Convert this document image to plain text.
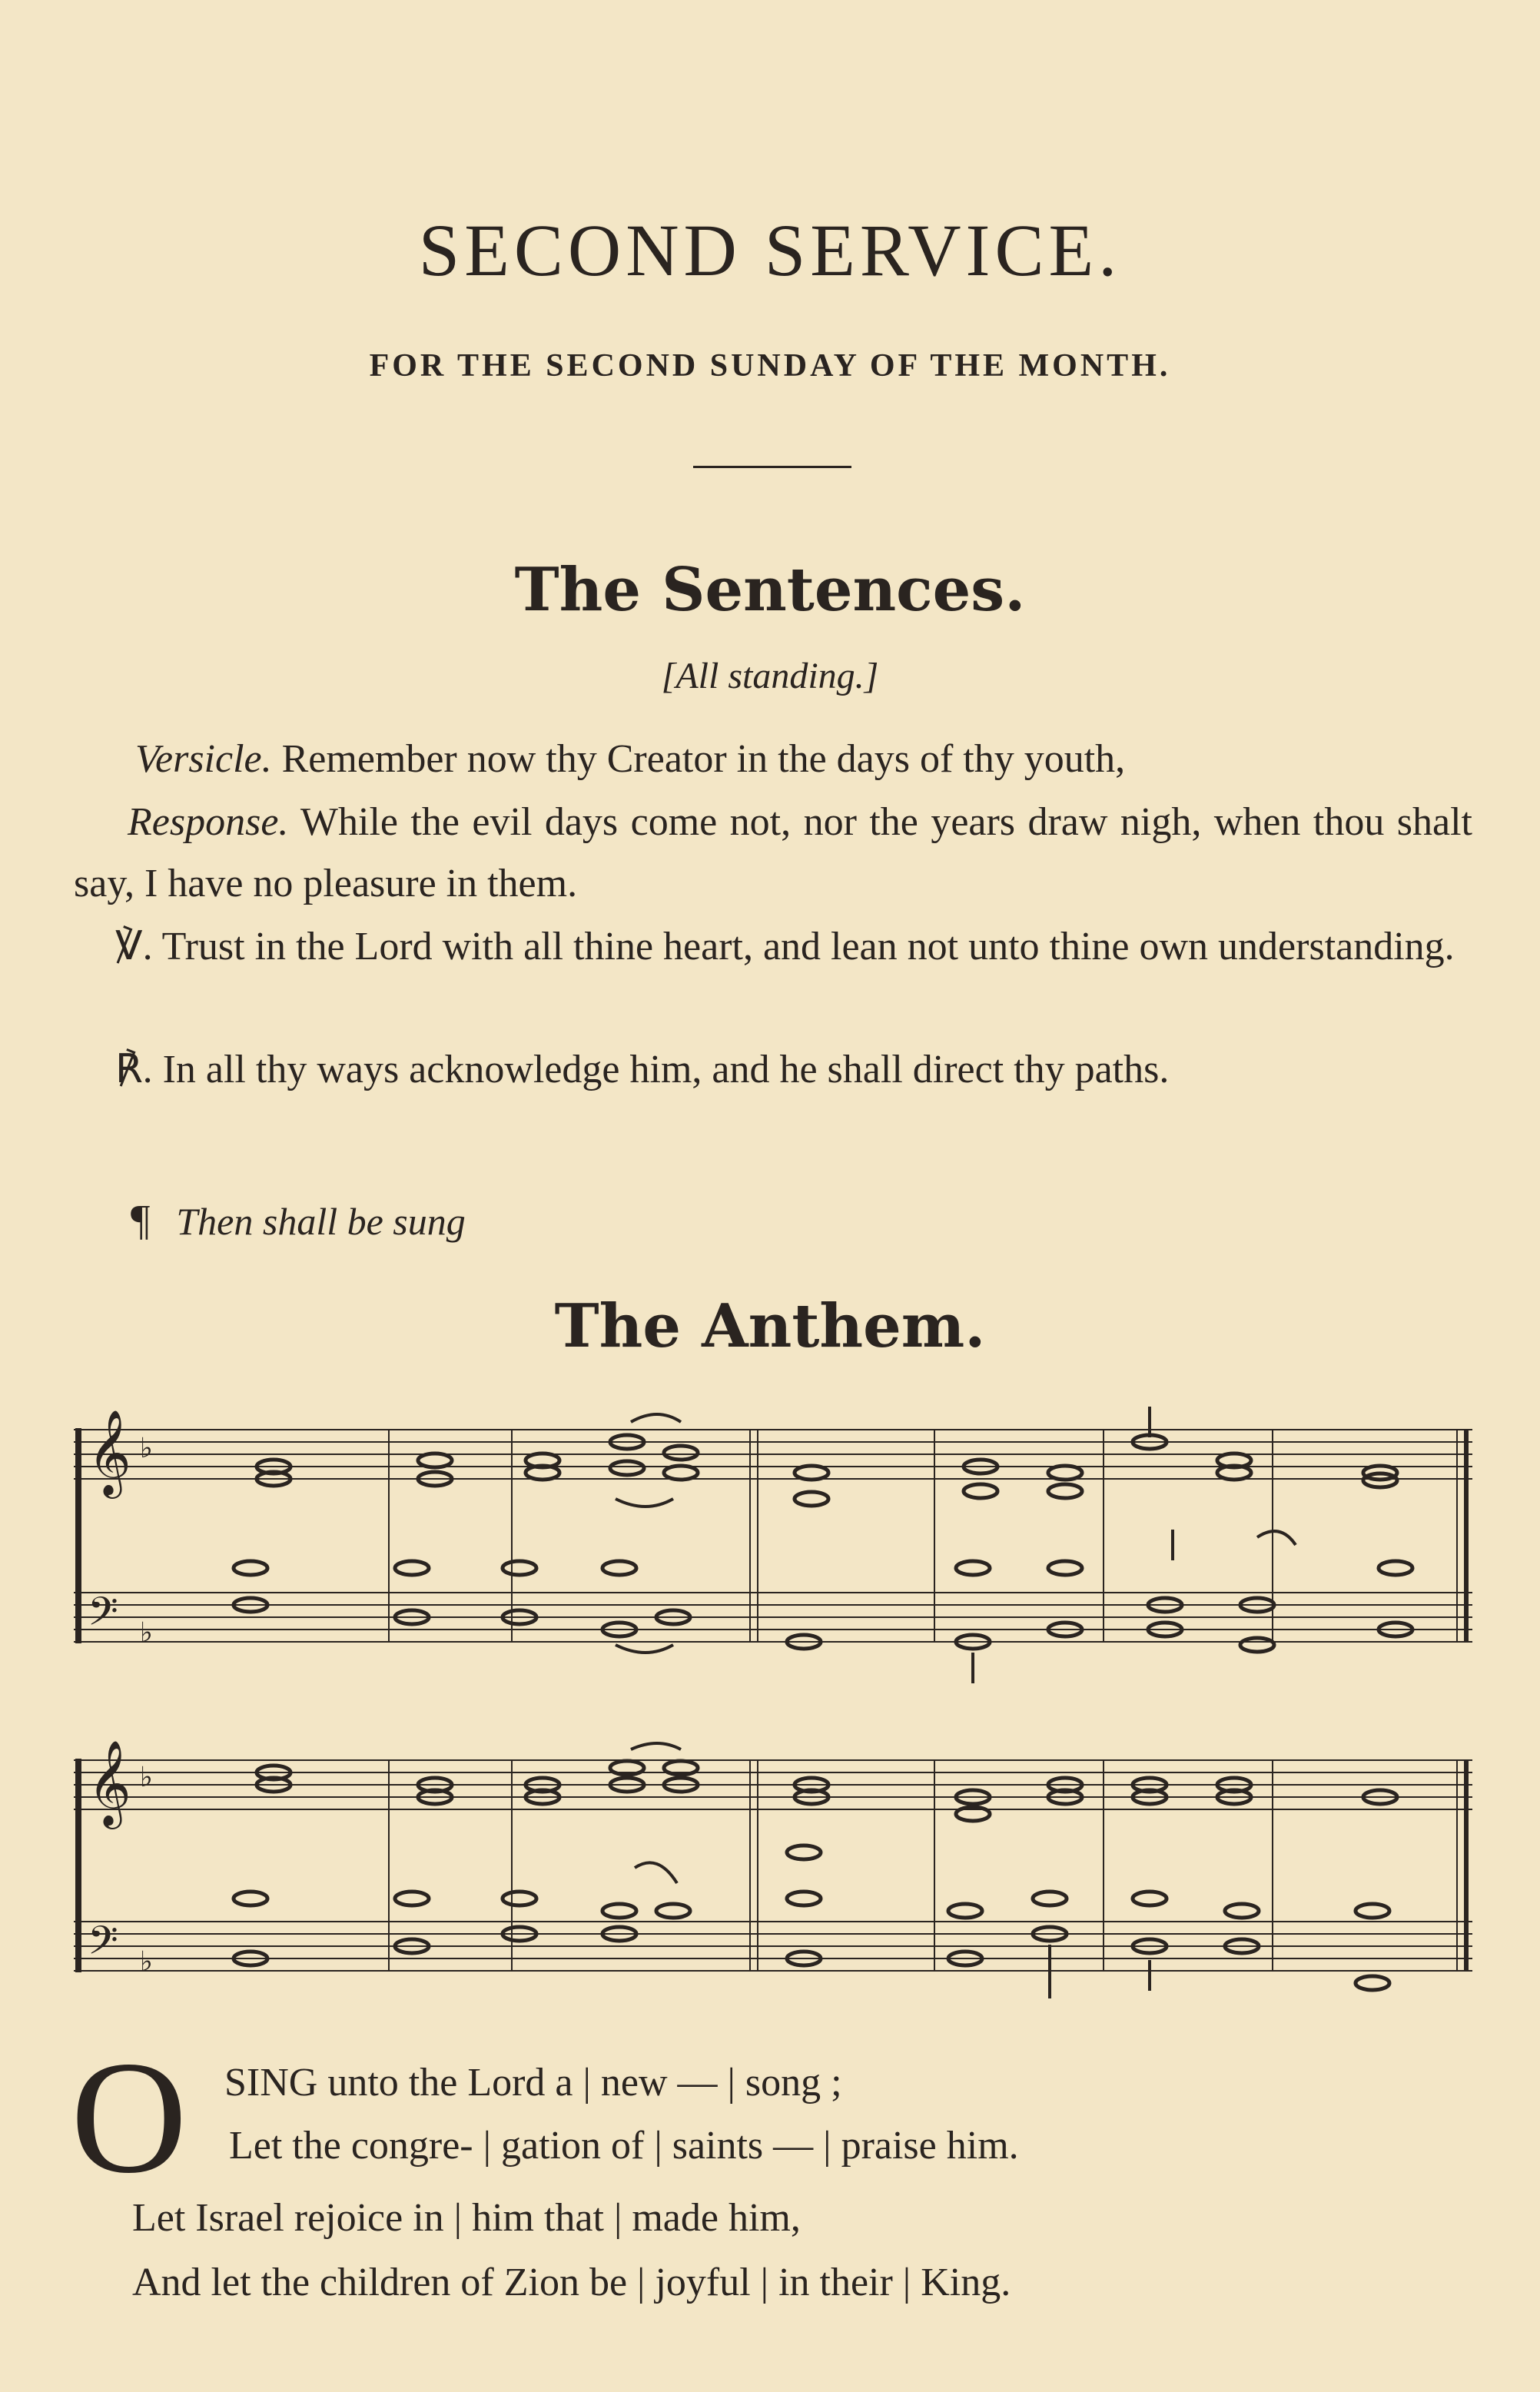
SECOND SERVICE.
FOR THE SECOND SUNDAY OF THE MONTH.
The Sentences.
[All standing.]
Versicle. Remember now thy Creator in the days of thy youth,
Response. While the evil days come not, nor the years draw nigh, when thou shalt say, I have no pleasure in them.
℣. Trust in the Lord with all thine heart, and lean not unto thine own understanding.
℟. In all thy ways acknowledge him, and he shall direct thy paths.
¶ Then shall be sung
The Anthem.
𝄞
𝄢
𝄞
𝄢
♭
♭
♭
♭
O SING unto the Lord a | new — | song ;
Let the congre- | gation of | saints — | praise him.
Let Israel rejoice in | him that | made him,
And let the children of Zion be | joyful | in their | King.
